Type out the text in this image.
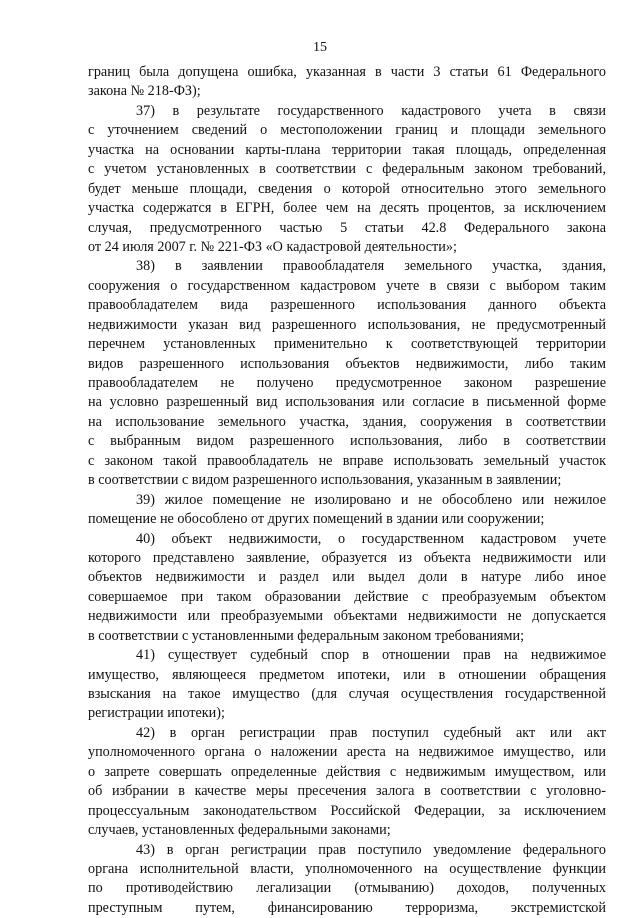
15
границ была допущена ошибка, указанная в части 3 статьи 61 Федерального
закона № 218-ФЗ);
37) в результате государственного кадастрового учета в связи
с уточнением сведений о местоположении границ и площади земельного
участка на основании карты-плана территории такая площадь, определенная
с учетом установленных в соответствии с федеральным законом требований,
будет меньше площади, сведения о которой относительно этого земельного
участка содержатся в ЕГРН, более чем на десять процентов, за исключением
случая, предусмотренного частью 5 статьи 42.8 Федерального закона
от 24 июля 2007 г. № 221-ФЗ «О кадастровой деятельности»;
38) в заявлении правообладателя земельного участка, здания,
сооружения о государственном кадастровом учете в связи с выбором таким
правообладателем вида разрешенного использования данного объекта
недвижимости указан вид разрешенного использования, не предусмотренный
перечнем установленных применительно к соответствующей территории
видов разрешенного использования объектов недвижимости, либо таким
правообладателем не получено предусмотренное законом разрешение
на условно разрешенный вид использования или согласие в письменной форме
на использование земельного участка, здания, сооружения в соответствии
с выбранным видом разрешенного использования, либо в соответствии
с законом такой правообладатель не вправе использовать земельный участок
в соответствии с видом разрешенного использования, указанным в заявлении;
39) жилое помещение не изолировано и не обособлено или нежилое
помещение не обособлено от других помещений в здании или сооружении;
40) объект недвижимости, о государственном кадастровом учете
которого представлено заявление, образуется из объекта недвижимости или
объектов недвижимости и раздел или выдел доли в натуре либо иное
совершаемое при таком образовании действие с преобразуемым объектом
недвижимости или преобразуемыми объектами недвижимости не допускается
в соответствии с установленными федеральным законом требованиями;
41) существует судебный спор в отношении прав на недвижимое
имущество, являющееся предметом ипотеки, или в отношении обращения
взыскания на такое имущество (для случая осуществления государственной
регистрации ипотеки);
42) в орган регистрации прав поступил судебный акт или акт
уполномоченного органа о наложении ареста на недвижимое имущество, или
о запрете совершать определенные действия с недвижимым имуществом, или
об избрании в качестве меры пресечения залога в соответствии с уголовно-
процессуальным законодательством Российской Федерации, за исключением
случаев, установленных федеральными законами;
43) в орган регистрации прав поступило уведомление федерального
органа исполнительной власти, уполномоченного на осуществление функции
по противодействию легализации (отмыванию) доходов, полученных
преступным путем, финансированию терроризма, экстремистской
